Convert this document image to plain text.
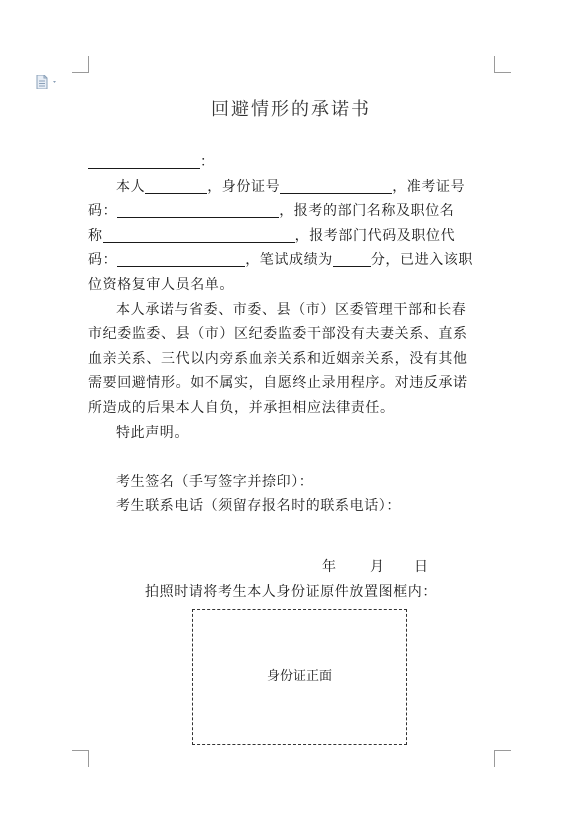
回避情形的承诺书
：
本人	，身份证号	，准考证号
码：	，报考的部门名称及职位名
称	，报考部门代码及职位代
码：	，笔试成绩为	分，已进入该职
位资格复审人员名单。
本人承诺与省委、市委、县（市）区委管理干部和长春
市纪委监委、县（市）区纪委监委干部没有夫妻关系、直系
血亲关系、三代以内旁系血亲关系和近姻亲关系，没有其他
需要回避情形。如不属实，自愿终止录用程序。对违反承诺
所造成的后果本人自负，并承担相应法律责任。
特此声明。
考生签名（手写签字并捺印）：
考生联系电话（须留存报名时的联系电话）：
年 月 日
拍照时请将考生本人身份证原件放置图框内：
身份证正面
